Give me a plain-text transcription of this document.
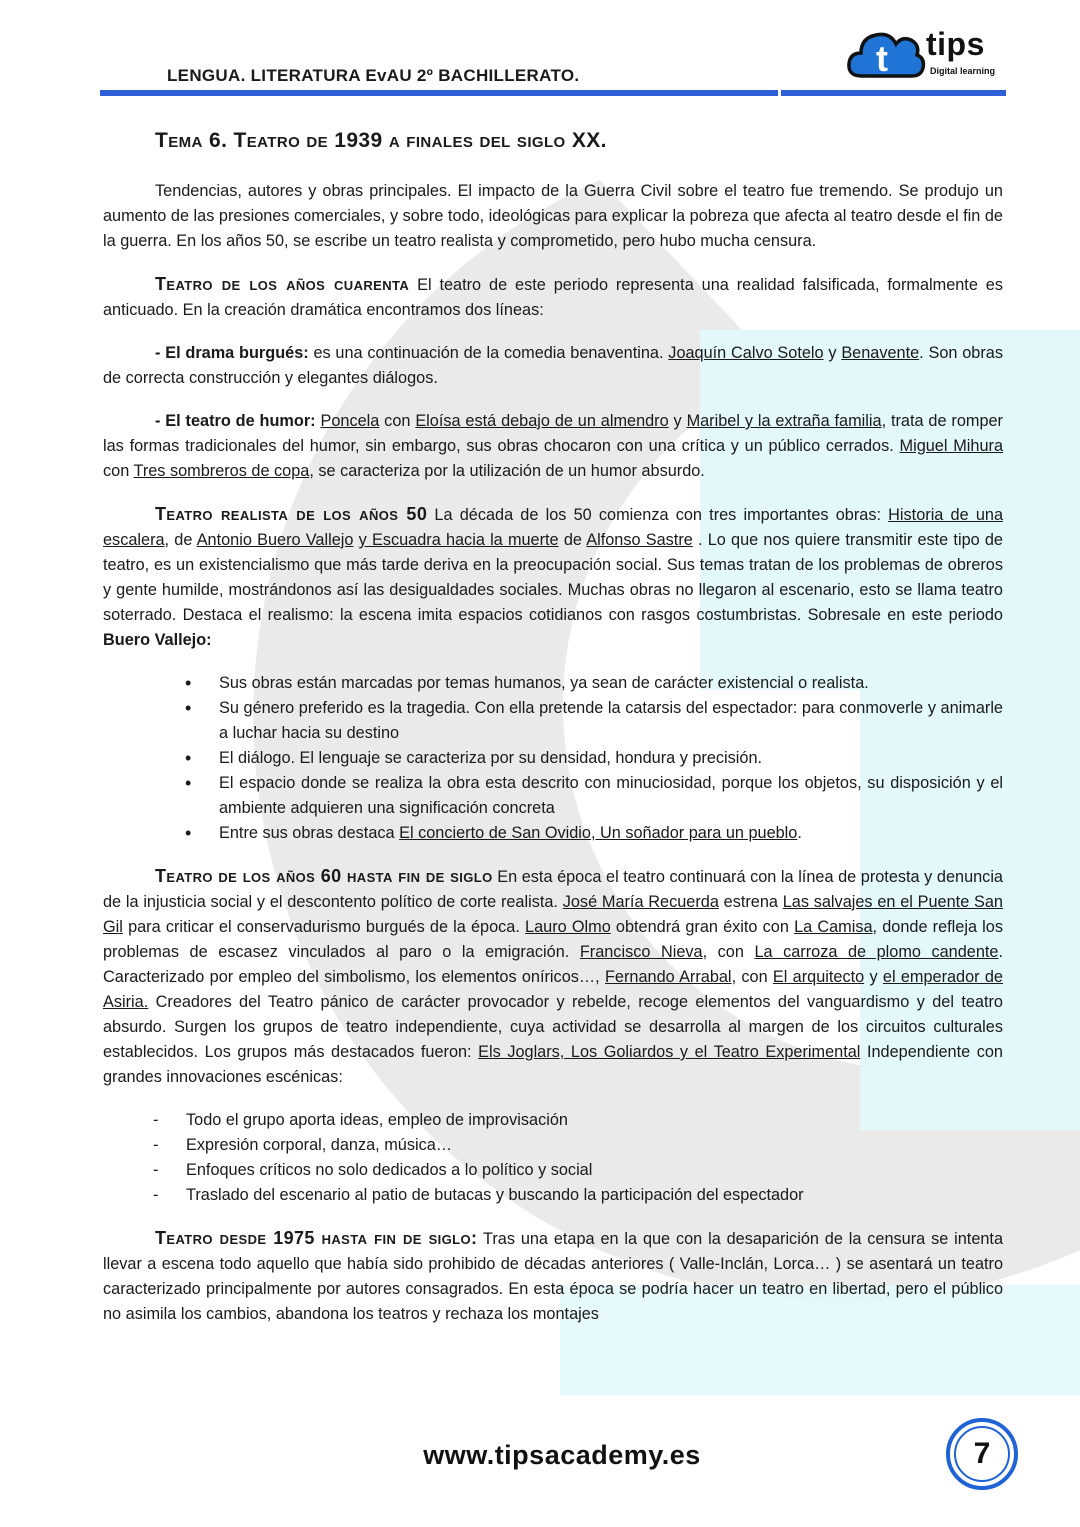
LENGUA. LITERATURA EvAU 2º BACHILLERATO.	t tips
Digital learning

Tema 6. Teatro de 1939 a finales del siglo XX.

Tendencias, autores y obras principales. El impacto de la Guerra Civil sobre el teatro fue tremendo. Se produjo un aumento de las presiones comerciales, y sobre todo, ideológicas para explicar la pobreza que afecta al teatro desde el fin de la guerra. En los años 50, se escribe un teatro realista y comprometido, pero hubo mucha censura.

Teatro de los años cuarenta El teatro de este periodo representa una realidad falsificada, formalmente es anticuado. En la creación dramática encontramos dos líneas:

- El drama burgués: es una continuación de la comedia benaventina. Joaquín Calvo Sotelo y Benavente. Son obras de correcta construcción y elegantes diálogos.

- El teatro de humor: Poncela con Eloísa está debajo de un almendro y Maribel y la extraña familia, trata de romper las formas tradicionales del humor, sin embargo, sus obras chocaron con una crítica y un público cerrados. Miguel Mihura con Tres sombreros de copa, se caracteriza por la utilización de un humor absurdo.

Teatro realista de los años 50 La década de los 50 comienza con tres importantes obras: Historia de una escalera, de Antonio Buero Vallejo y Escuadra hacia la muerte de Alfonso Sastre . Lo que nos quiere transmitir este tipo de teatro, es un existencialismo que más tarde deriva en la preocupación social. Sus temas tratan de los problemas de obreros y gente humilde, mostrándonos así las desigualdades sociales. Muchas obras no llegaron al escenario, esto se llama teatro soterrado. Destaca el realismo: la escena imita espacios cotidianos con rasgos costumbristas. Sobresale en este periodo Buero Vallejo:

• Sus obras están marcadas por temas humanos, ya sean de carácter existencial o realista.
• Su género preferido es la tragedia. Con ella pretende la catarsis del espectador: para conmoverle y animarle a luchar hacia su destino
• El diálogo. El lenguaje se caracteriza por su densidad, hondura y precisión.
• El espacio donde se realiza la obra esta descrito con minuciosidad, porque los objetos, su disposición y el ambiente adquieren una significación concreta
• Entre sus obras destaca El concierto de San Ovidio, Un soñador para un pueblo.

Teatro de los años 60 hasta fin de siglo En esta época el teatro continuará con la línea de protesta y denuncia de la injusticia social y el descontento político de corte realista. José María Recuerda estrena Las salvajes en el Puente San Gil para criticar el conservadurismo burgués de la época. Lauro Olmo obtendrá gran éxito con La Camisa, donde refleja los problemas de escasez vinculados al paro o la emigración. Francisco Nieva, con La carroza de plomo candente. Caracterizado por empleo del simbolismo, los elementos oníricos…, Fernando Arrabal, con El arquitecto y el emperador de Asiria. Creadores del Teatro pánico de carácter provocador y rebelde, recoge elementos del vanguardismo y del teatro absurdo. Surgen los grupos de teatro independiente, cuya actividad se desarrolla al margen de los circuitos culturales establecidos. Los grupos más destacados fueron: Els Joglars, Los Goliardos y el Teatro Experimental Independiente con grandes innovaciones escénicas:

- Todo el grupo aporta ideas, empleo de improvisación
- Expresión corporal, danza, música…
- Enfoques críticos no solo dedicados a lo político y social
- Traslado del escenario al patio de butacas y buscando la participación del espectador

Teatro desde 1975 hasta fin de siglo: Tras una etapa en la que con la desaparición de la censura se intenta llevar a escena todo aquello que había sido prohibido de décadas anteriores ( Valle-Inclán, Lorca… ) se asentará un teatro caracterizado principalmente por autores consagrados. En esta época se podría hacer un teatro en libertad, pero el público no asimila los cambios, abandona los teatros y rechaza los montajes

www.tipsacademy.es	7
